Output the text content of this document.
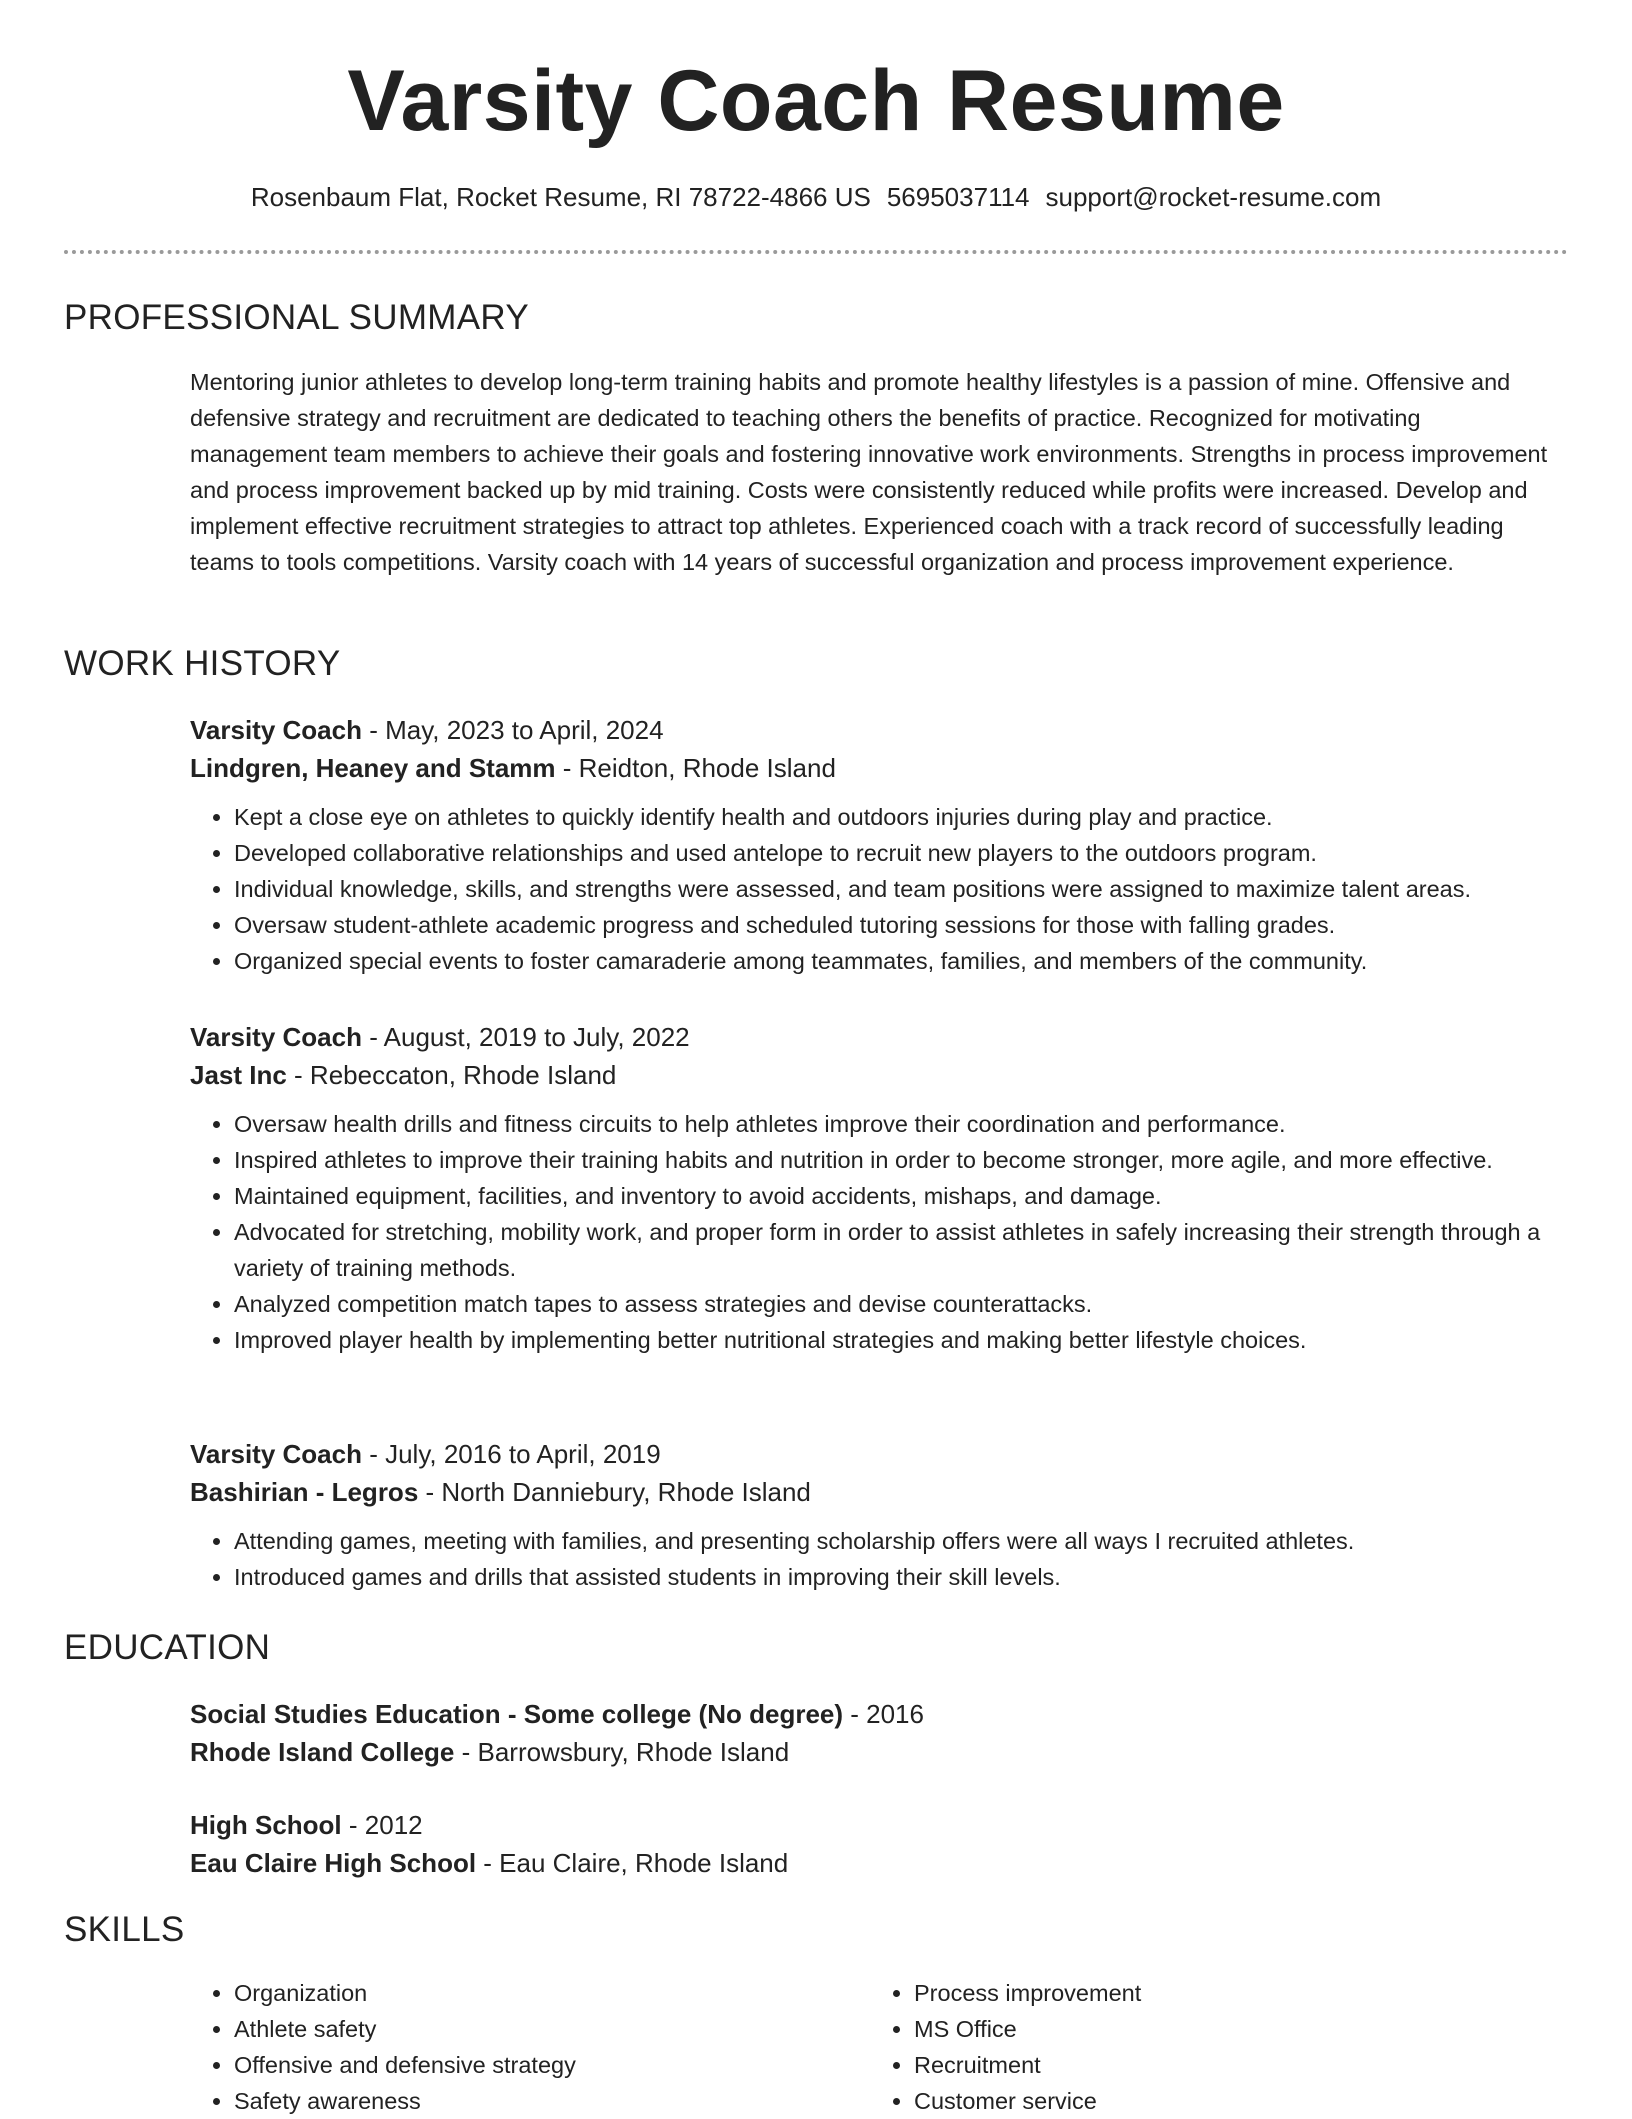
Varsity Coach Resume
Rosenbaum Flat, Rocket Resume, RI 78722-4866 US 5695037114 support@rocket-resume.com
PROFESSIONAL SUMMARY
Mentoring junior athletes to develop long-term training habits and promote healthy lifestyles is a passion of mine. Offensive and defensive strategy and recruitment are dedicated to teaching others the benefits of practice. Recognized for motivating management team members to achieve their goals and fostering innovative work environments. Strengths in process improvement and process improvement backed up by mid training. Costs were consistently reduced while profits were increased. Develop and implement effective recruitment strategies to attract top athletes. Experienced coach with a track record of successfully leading teams to tools competitions. Varsity coach with 14 years of successful organization and process improvement experience.
WORK HISTORY
Varsity Coach - May, 2023 to April, 2024
Lindgren, Heaney and Stamm - Reidton, Rhode Island
• Kept a close eye on athletes to quickly identify health and outdoors injuries during play and practice.
• Developed collaborative relationships and used antelope to recruit new players to the outdoors program.
• Individual knowledge, skills, and strengths were assessed, and team positions were assigned to maximize talent areas.
• Oversaw student-athlete academic progress and scheduled tutoring sessions for those with falling grades.
• Organized special events to foster camaraderie among teammates, families, and members of the community.
Varsity Coach - August, 2019 to July, 2022
Jast Inc - Rebeccaton, Rhode Island
• Oversaw health drills and fitness circuits to help athletes improve their coordination and performance.
• Inspired athletes to improve their training habits and nutrition in order to become stronger, more agile, and more effective.
• Maintained equipment, facilities, and inventory to avoid accidents, mishaps, and damage.
• Advocated for stretching, mobility work, and proper form in order to assist athletes in safely increasing their strength through a variety of training methods.
• Analyzed competition match tapes to assess strategies and devise counterattacks.
• Improved player health by implementing better nutritional strategies and making better lifestyle choices.
Varsity Coach - July, 2016 to April, 2019
Bashirian - Legros - North Danniebury, Rhode Island
• Attending games, meeting with families, and presenting scholarship offers were all ways I recruited athletes.
• Introduced games and drills that assisted students in improving their skill levels.
EDUCATION
Social Studies Education - Some college (No degree) - 2016
Rhode Island College - Barrowsbury, Rhode Island
High School - 2012
Eau Claire High School - Eau Claire, Rhode Island
SKILLS
• Organization
• Athlete safety
• Offensive and defensive strategy
• Safety awareness
• Process improvement
• MS Office
• Recruitment
• Customer service
